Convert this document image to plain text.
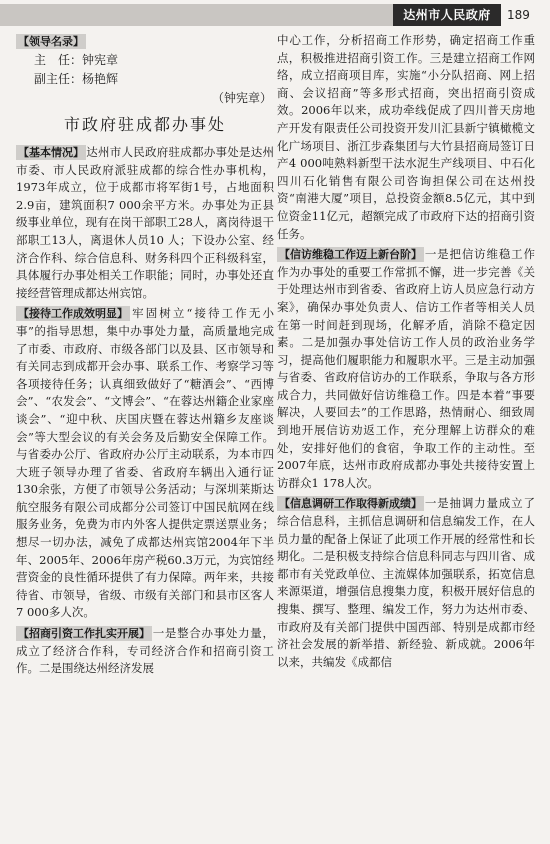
达州市人民政府	189

【领导名录】

主　任：钟宪章

副主任：杨艳辉

（钟宪章）

市政府驻成都办事处

【基本情况】 达州市人民政府驻成都办事处是达州市委、市人民政府派驻成都的综合性办事机构，1973年成立，位于成都市将军街1号，占地面积2.9亩，建筑面积7 000余平方米。办事处为正县级事业单位，现有在岗干部职工28人，离岗待退干部职工13人，离退休人员10 人；下设办公室、经济合作科、综合信息科、财务科四个正科级科室，具体履行办事处相关工作职能；同时，办事处还直接经营管理成都达州宾馆。

【接待工作成效明显】 牢固树立“接待工作无小事”的指导思想，集中办事处力量，高质量地完成了市委、市政府、市级各部门以及县、区市领导和有关同志到成都开会办事、联系工作、考察学习等各项接待任务；认真细致做好了“糖酒会”、“西博会”、“农发会”、“文博会”、“在蓉达州籍企业家座谈会”、“迎中秋、庆国庆暨在蓉达州籍乡友座谈会”等大型会议的有关会务及后勤安全保障工作。与省委办公厅、省政府办公厅主动联系，为本市四大班子领导办理了省委、省政府车辆出入通行证130余张，方便了市领导公务活动；与深圳莱斯达航空服务有限公司成都分公司签订中国民航网在线服务业务，免费为市内外客人提供定票送票业务；想尽一切办法，减免了成都达州宾馆2004年下半年、2005年、2006年房产税60.3万元，为宾馆经营资金的良性循环提供了有力保障。两年来，共接待省、市领导，省级、市级有关部门和县市区客人7 000多人次。

【招商引资工作扎实开展】 一是整合办事处力量，成立了经济合作科，专司经济合作和招商引资工作。二是围绕达州经济发展

中心工作，分析招商工作形势，确定招商工作重点，积极推进招商引资工作。三是建立招商工作网络，成立招商项目库，实施“小分队招商、网上招商、会议招商”等多形式招商，突出招商引资成效。2006年以来，成功牵线促成了四川普天房地产开发有限责任公司投资开发川汇县新宁镇橄榄文化广场项目、浙江步森集团与大竹县招商局签订日产4 000吨熟料新型干法水泥生产线项目、中石化四川石化销售有限公司咨询担保公司在达州投资“南港大厦”项目，总投资金额8.5亿元，其中到位资金11亿元，超额完成了市政府下达的招商引资任务。

【信访维稳工作迈上新台阶】 一是把信访维稳工作作为办事处的重要工作常抓不懈，进一步完善《关于处理达州市到省委、省政府上访人员应急行动方案》，确保办事处负责人、信访工作者等相关人员在第一时间赶到现场，化解矛盾，消除不稳定因素。二是加强办事处信访工作人员的政治业务学习，提高他们履职能力和履职水平。三是主动加强与省委、省政府信访办的工作联系，争取与各方形成合力，共同做好信访维稳工作。四是本着“事要解决，人要回去”的工作思路，热情耐心、细致周到地开展信访劝返工作，充分理解上访群众的难处，安排好他们的食宿，争取工作的主动性。至2007年底，达州市政府成都办事处共接待安置上访群众1 178人次。

【信息调研工作取得新成绩】 一是抽调力量成立了综合信息科，主抓信息调研和信息编发工作，在人员力量的配备上保证了此项工作开展的经常性和长期化。二是积极支持综合信息科同志与四川省、成都市有关党政单位、主流媒体加强联系，拓宽信息来源渠道，增强信息搜集力度，积极开展好信息的搜集、撰写、整理、编发工作，努力为达州市委、市政府及有关部门提供中国西部、特别是成都市经济社会发展的新举措、新经验、新成就。2006年以来，共编发《成都信
